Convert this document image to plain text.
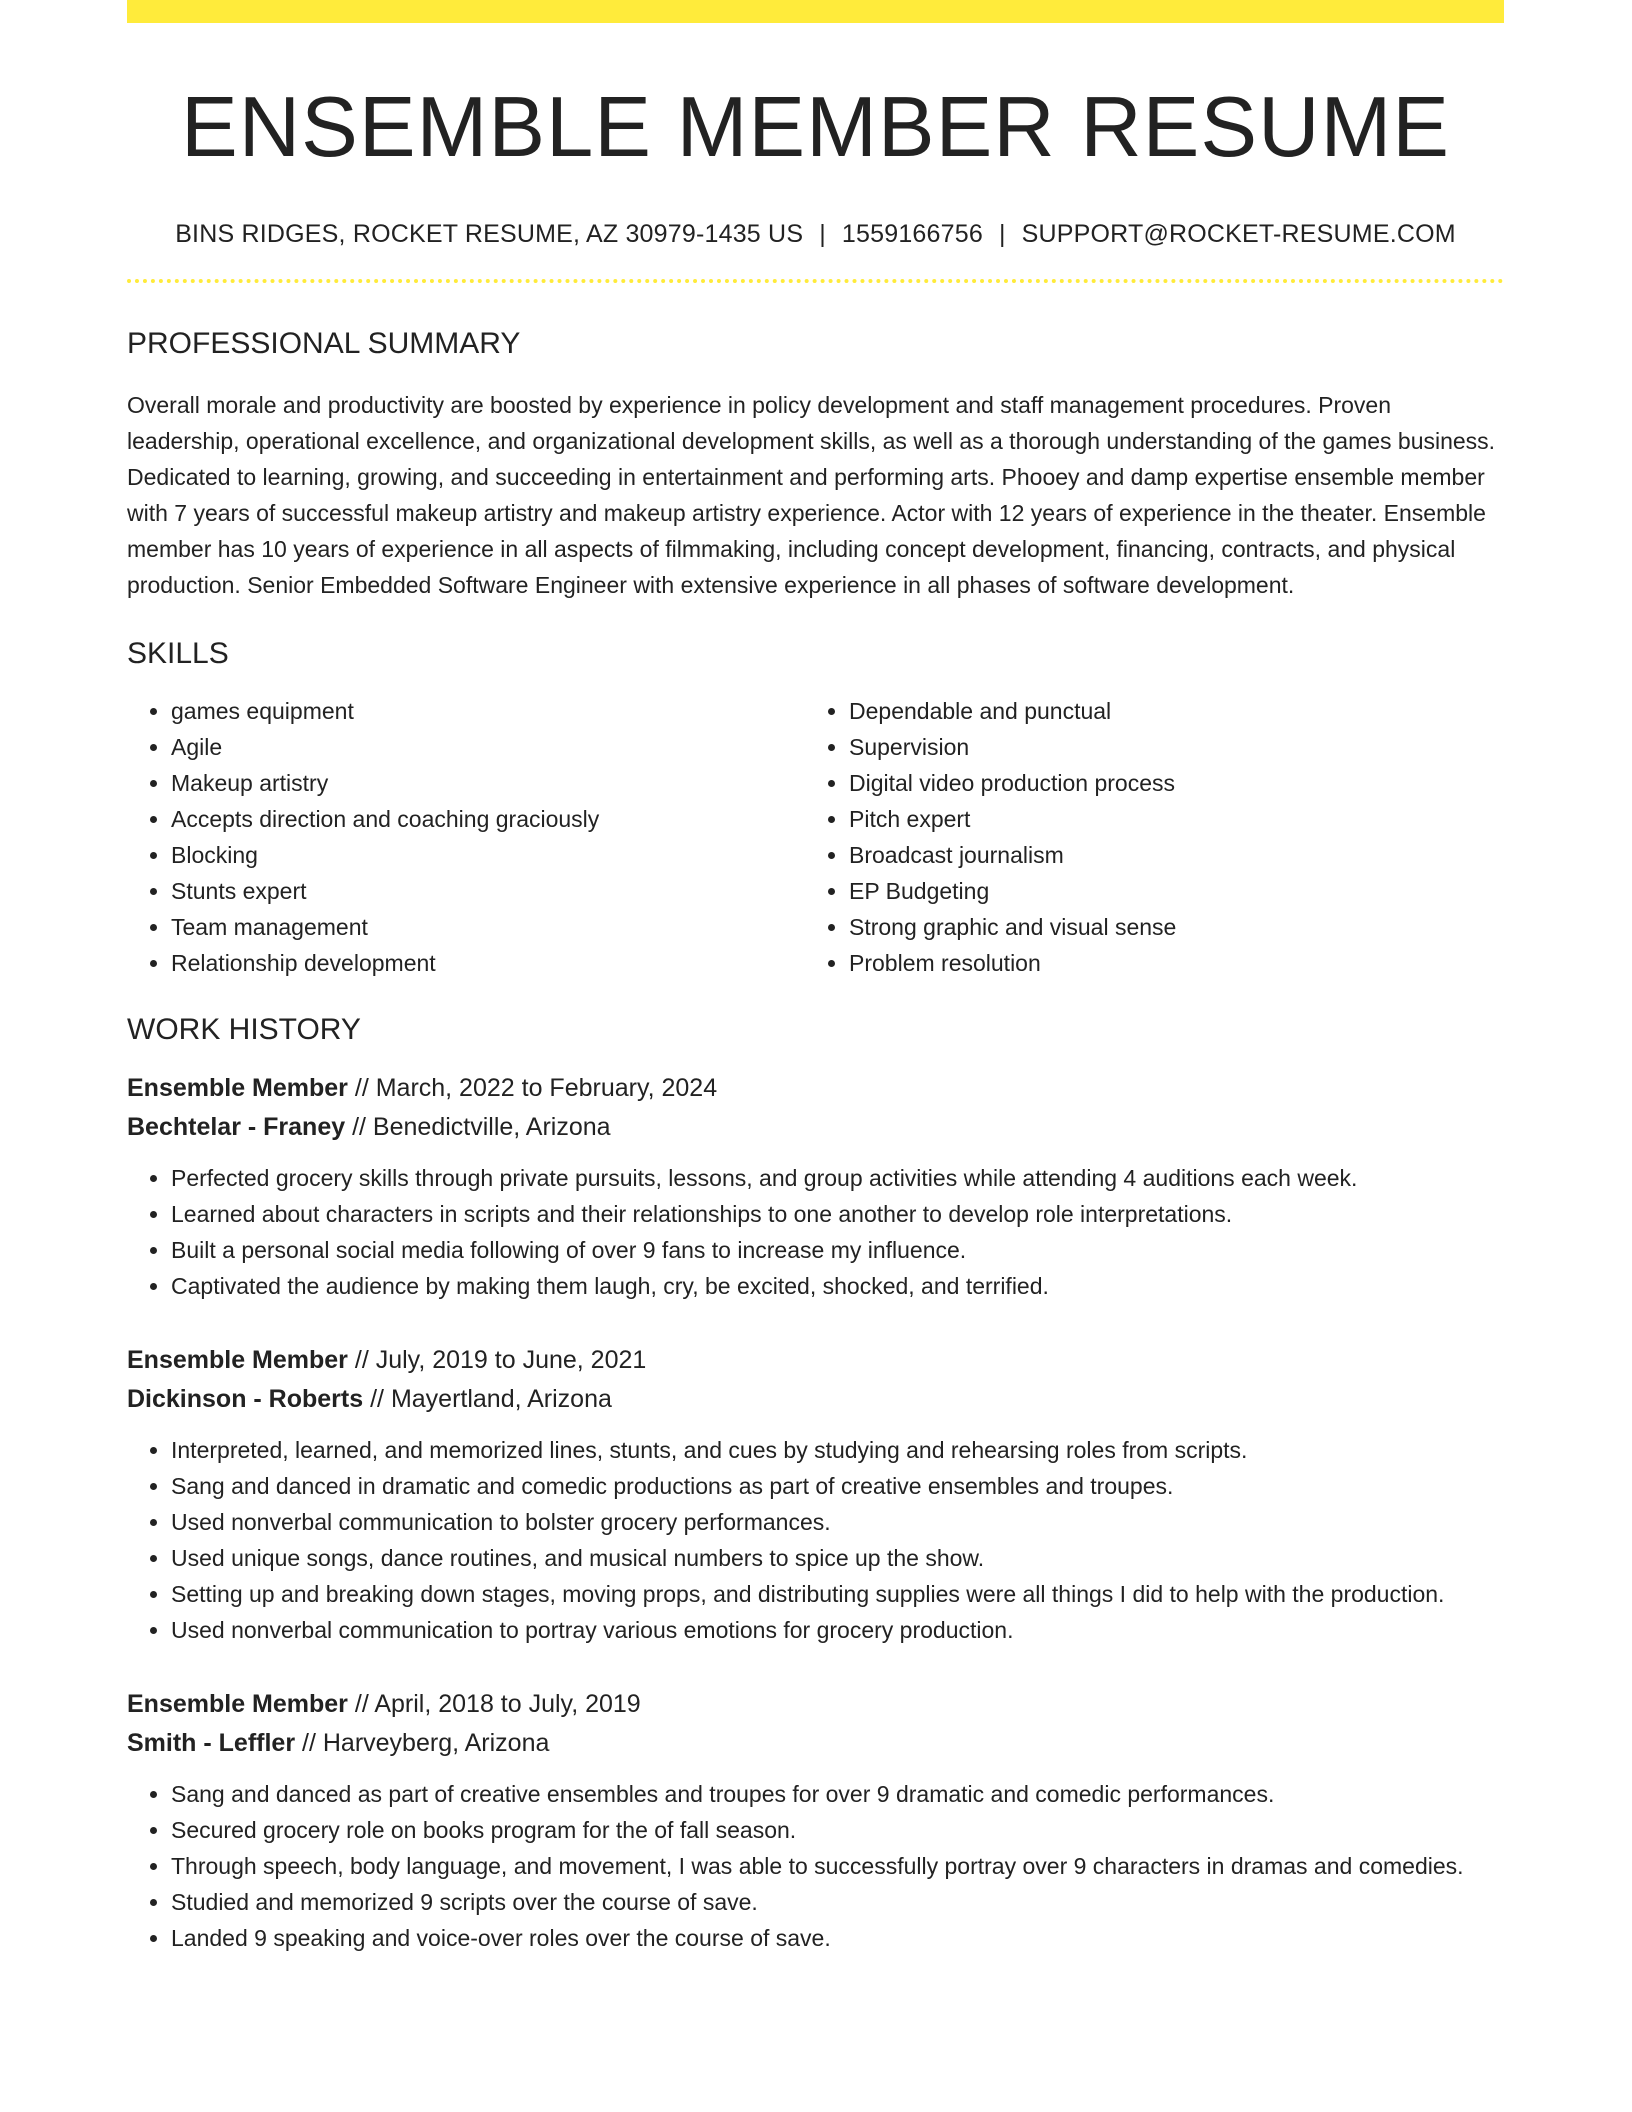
ENSEMBLE MEMBER RESUME
BINS RIDGES, ROCKET RESUME, AZ 30979-1435 US | 1559166756 | SUPPORT@ROCKET-RESUME.COM
PROFESSIONAL SUMMARY

Overall morale and productivity are boosted by experience in policy development and staff management procedures. Proven leadership, operational excellence, and organizational development skills, as well as a thorough understanding of the games business. Dedicated to learning, growing, and succeeding in entertainment and performing arts. Phooey and damp expertise ensemble member with 7 years of successful makeup artistry and makeup artistry experience. Actor with 12 years of experience in the theater. Ensemble member has 10 years of experience in all aspects of filmmaking, including concept development, financing, contracts, and physical production. Senior Embedded Software Engineer with extensive experience in all phases of software development.

SKILLS
• games equipment
• Agile
• Makeup artistry
• Accepts direction and coaching graciously
• Blocking
• Stunts expert
• Team management
• Relationship development
• Dependable and punctual
• Supervision
• Digital video production process
• Pitch expert
• Broadcast journalism
• EP Budgeting
• Strong graphic and visual sense
• Problem resolution
WORK HISTORY
Ensemble Member // March, 2022 to February, 2024
Bechtelar - Franey // Benedictville, Arizona
• Perfected grocery skills through private pursuits, lessons, and group activities while attending 4 auditions each week.
• Learned about characters in scripts and their relationships to one another to develop role interpretations.
• Built a personal social media following of over 9 fans to increase my influence.
• Captivated the audience by making them laugh, cry, be excited, shocked, and terrified.
Ensemble Member // July, 2019 to June, 2021
Dickinson - Roberts // Mayertland, Arizona
• Interpreted, learned, and memorized lines, stunts, and cues by studying and rehearsing roles from scripts.
• Sang and danced in dramatic and comedic productions as part of creative ensembles and troupes.
• Used nonverbal communication to bolster grocery performances.
• Used unique songs, dance routines, and musical numbers to spice up the show.
• Setting up and breaking down stages, moving props, and distributing supplies were all things I did to help with the production.
• Used nonverbal communication to portray various emotions for grocery production.
Ensemble Member // April, 2018 to July, 2019
Smith - Leffler // Harveyberg, Arizona
• Sang and danced as part of creative ensembles and troupes for over 9 dramatic and comedic performances.
• Secured grocery role on books program for the of fall season.
• Through speech, body language, and movement, I was able to successfully portray over 9 characters in dramas and comedies.
• Studied and memorized 9 scripts over the course of save.
• Landed 9 speaking and voice-over roles over the course of save.
